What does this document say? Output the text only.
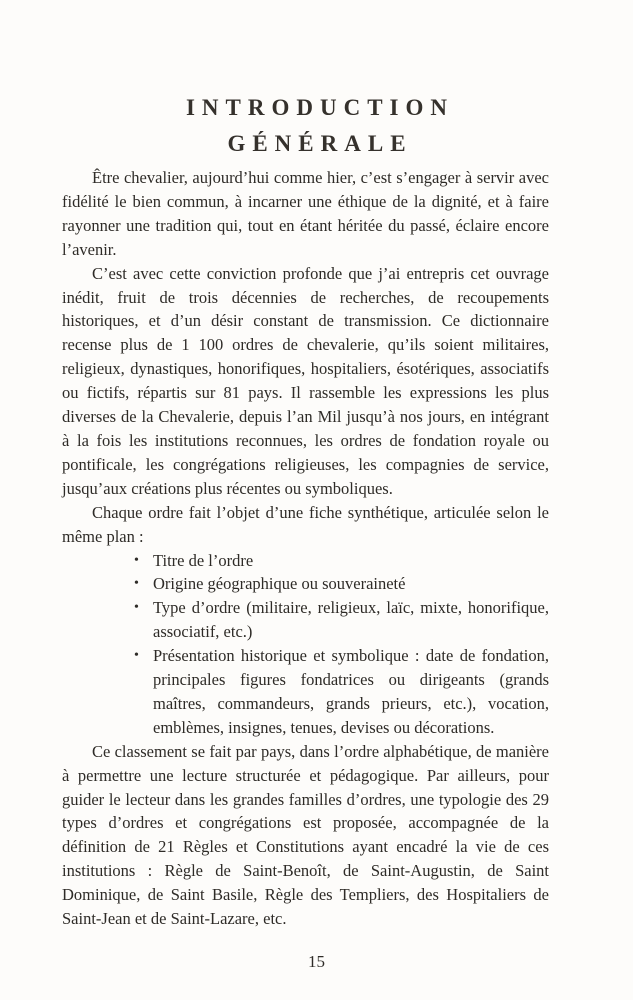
INTRODUCTION
GÉNÉRALE

Être chevalier, aujourd’hui comme hier, c’est s’engager à servir avec fidélité le bien commun, à incarner une éthique de la dignité, et à faire rayonner une tradition qui, tout en étant héritée du passé, éclaire encore l’avenir.

C’est avec cette conviction profonde que j’ai entrepris cet ouvrage inédit, fruit de trois décennies de recherches, de recoupements historiques, et d’un désir constant de transmission. Ce dictionnaire recense plus de 1 100 ordres de chevalerie, qu’ils soient militaires, religieux, dynastiques, honorifiques, hospitaliers, ésotériques, associatifs ou fictifs, répartis sur 81 pays. Il rassemble les expressions les plus diverses de la Chevalerie, depuis l’an Mil jusqu’à nos jours, en intégrant à la fois les institutions reconnues, les ordres de fondation royale ou pontificale, les congrégations religieuses, les compagnies de service, jusqu’aux créations plus récentes ou symboliques.

Chaque ordre fait l’objet d’une fiche synthétique, articulée selon le même plan :

• Titre de l’ordre
• Origine géographique ou souveraineté
• Type d’ordre (militaire, religieux, laïc, mixte, honorifique, associatif, etc.)
• Présentation historique et symbolique : date de fondation, principales figures fondatrices ou dirigeants (grands maîtres, commandeurs, grands prieurs, etc.), vocation, emblèmes, insignes, tenues, devises ou décorations.

Ce classement se fait par pays, dans l’ordre alphabétique, de manière à permettre une lecture structurée et pédagogique. Par ailleurs, pour guider le lecteur dans les grandes familles d’ordres, une typologie des 29 types d’ordres et congrégations est proposée, accompagnée de la définition de 21 Règles et Constitutions ayant encadré la vie de ces institutions : Règle de Saint-Benoît, de Saint-Augustin, de Saint Dominique, de Saint Basile, Règle des Templiers, des Hospitaliers de Saint-Jean et de Saint-Lazare, etc.

15
